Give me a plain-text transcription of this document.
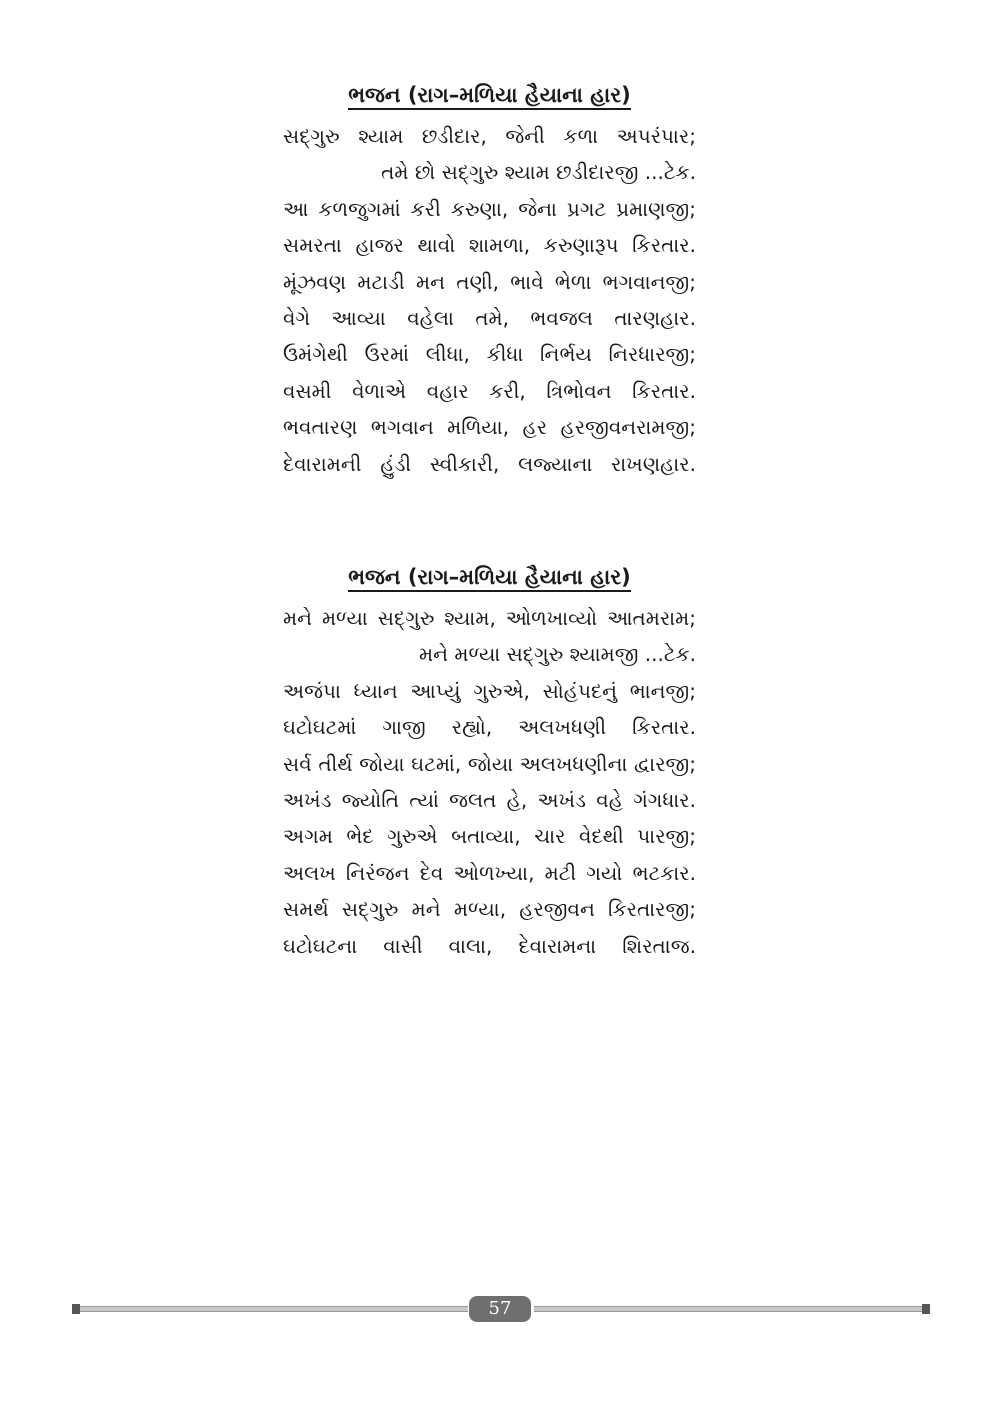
ભજન (રાગ–મળિયા હૈયાના હાર)
સદ્‌ગુરુ શ્યામ છડીદાર, જેની કળા અપરંપાર;
તમે છો સદ્‌ગુરુ શ્યામ છડીદારજી ...ટેક.
આ કળજુગમાં કરી કરુણા, જેના પ્રગટ પ્રમાણજી;
સમરતા હાજર થાવો શામળા, કરુણારૂપ કિરતાર.
મૂંઝવણ મટાડી મન તણી, ભાવે ભેળા ભગવાનજી;
વેગે આવ્યા વહેલા તમે, ભવજલ તારણહાર.
ઉમંગેથી ઉરમાં લીધા, કીધા નિર્ભય નિરધારજી;
વસમી વેળાએ વહાર કરી, ત્રિભોવન કિરતાર.
ભવતારણ ભગવાન મળિયા, હર હરજીવનરામજી;
દેવારામની હુંડી સ્વીકારી, લજ્યાના રાખણહાર.
ભજન (રાગ–મળિયા હૈયાના હાર)
મને મળ્યા સદ્‌ગુરુ શ્યામ, ઓળખાવ્યો આતમરામ;
મને મળ્યા સદ્‌ગુરુ શ્યામજી ...ટેક.
અજંપા ધ્યાન આપ્યું ગુરુએ, સોહંપદનું ભાનજી;
ઘટોઘટમાં ગાજી રહ્યો, અલખધણી કિરતાર.
સર્વ તીર્થ જોયા ઘટમાં, જોયા અલખધણીના દ્વારજી;
અખંડ જ્યોતિ ત્યાં જલત હે, અખંડ વહે ગંગધાર.
અગમ ભેદ ગુરુએ બતાવ્યા, ચાર વેદથી પારજી;
અલખ નિરંજન દેવ ઓળખ્યા, મટી ગયો ભટકાર.
સમર્થ સદ્‌ગુરુ મને મળ્યા, હરજીવન કિરતારજી;
ઘટોઘટના વાસી વાલા, દેવારામના શિરતાજ.
57
